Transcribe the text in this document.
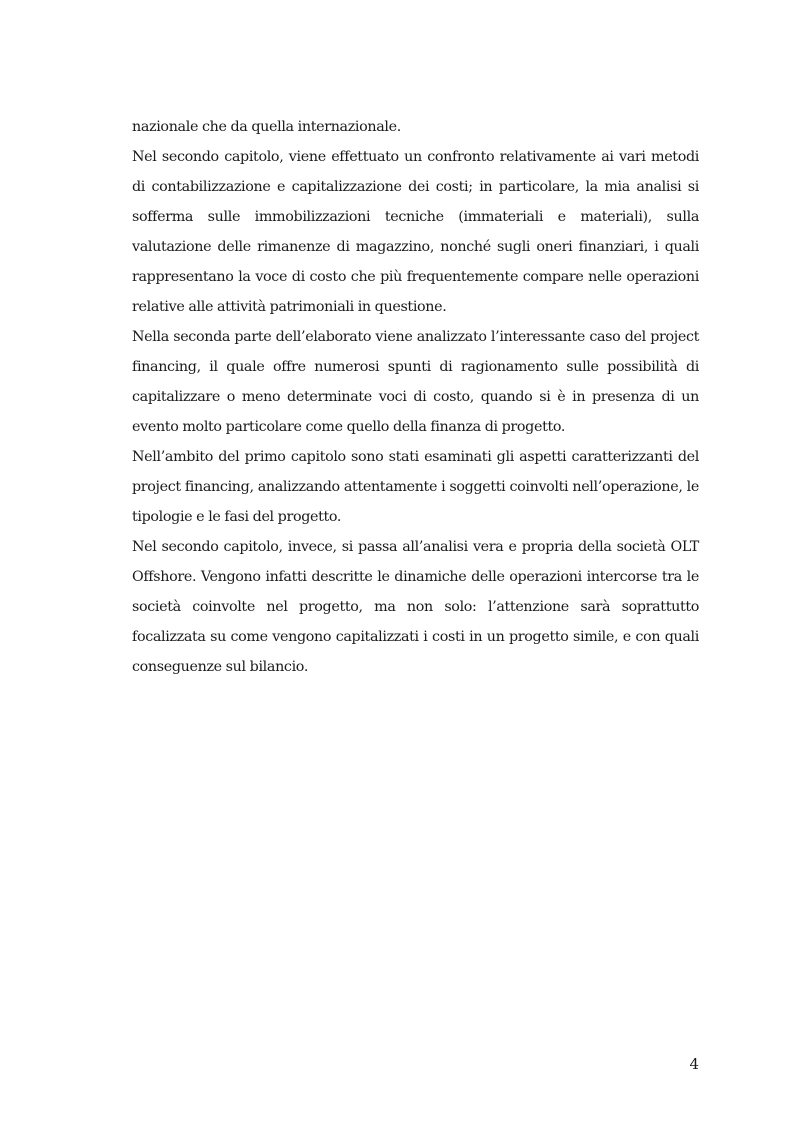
nazionale che da quella internazionale.

Nel secondo capitolo, viene effettuato un confronto relativamente ai vari metodi di contabilizzazione e capitalizzazione dei costi; in particolare, la mia analisi si sofferma sulle immobilizzazioni tecniche (immateriali e materiali), sulla valutazione delle rimanenze di magazzino, nonché sugli oneri finanziari, i quali rappresentano la voce di costo che più frequentemente compare nelle operazioni relative alle attività patrimoniali in questione.

Nella seconda parte dell’elaborato viene analizzato l’interessante caso del project financing, il quale offre numerosi spunti di ragionamento sulle possibilità di capitalizzare o meno determinate voci di costo, quando si è in presenza di un evento molto particolare come quello della finanza di progetto.

Nell’ambito del primo capitolo sono stati esaminati gli aspetti caratterizzanti del project financing, analizzando attentamente i soggetti coinvolti nell’operazione, le tipologie e le fasi del progetto.

Nel secondo capitolo, invece, si passa all’analisi vera e propria della società OLT Offshore. Vengono infatti descritte le dinamiche delle operazioni intercorse tra le società coinvolte nel progetto, ma non solo: l’attenzione sarà soprattutto focalizzata su come vengono capitalizzati i costi in un progetto simile, e con quali conseguenze sul bilancio.

4
